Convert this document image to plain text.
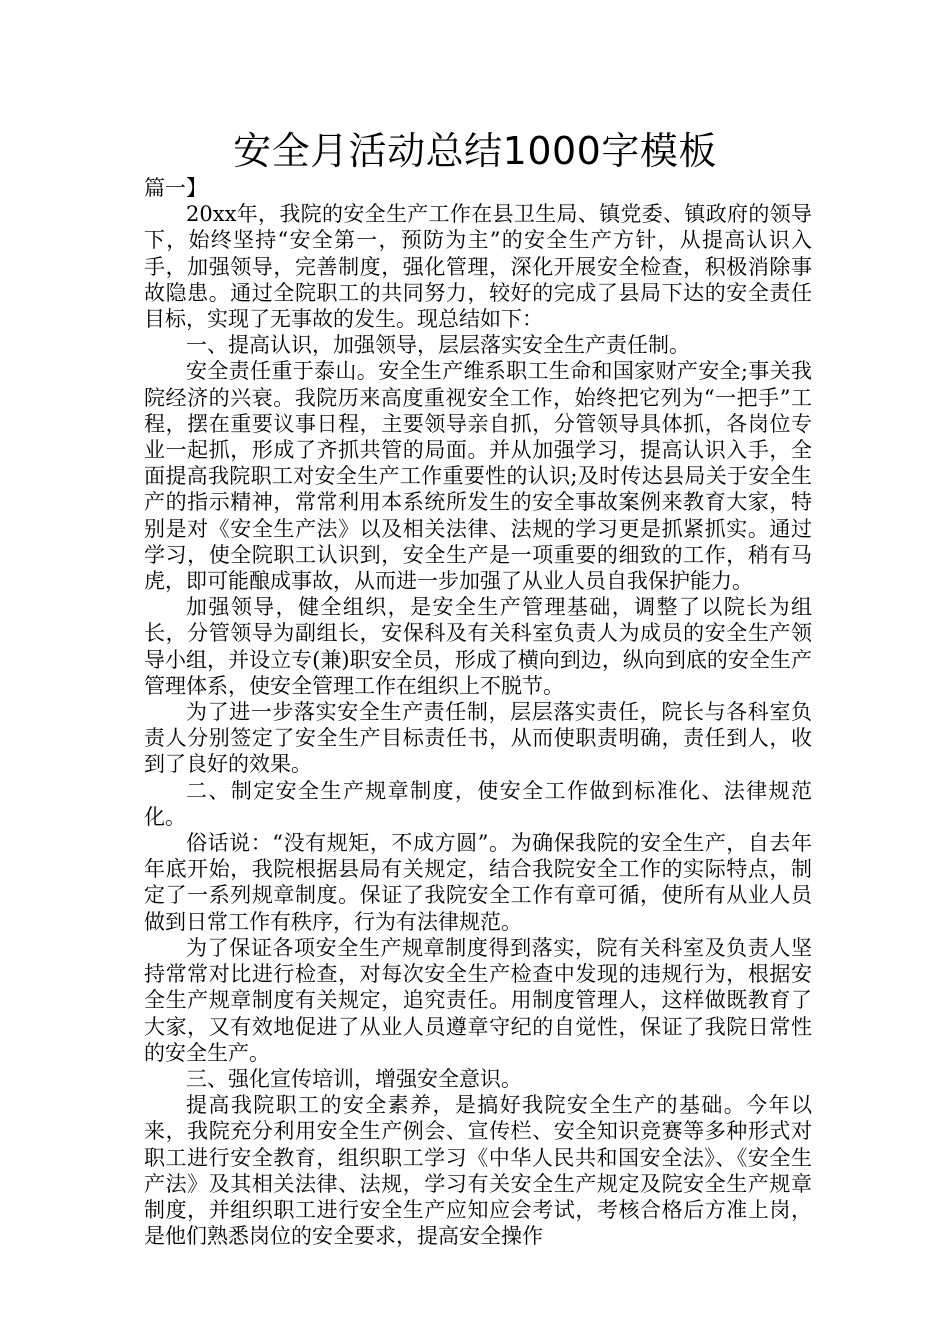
安全月活动总结1000字模板

篇一】

20xx年，我院的安全生产工作在县卫生局、镇党委、镇政府的领导下，始终坚持“安全第一，预防为主”的安全生产方针，从提高认识入手，加强领导，完善制度，强化管理，深化开展安全检查，积极消除事故隐患。通过全院职工的共同努力，较好的完成了县局下达的安全责任目标，实现了无事故的发生。现总结如下：

一、提高认识，加强领导，层层落实安全生产责任制。

安全责任重于泰山。安全生产维系职工生命和国家财产安全;事关我院经济的兴衰。我院历来高度重视安全工作，始终把它列为“一把手”工程，摆在重要议事日程，主要领导亲自抓，分管领导具体抓，各岗位专业一起抓，形成了齐抓共管的局面。并从加强学习，提高认识入手，全面提高我院职工对安全生产工作重要性的认识;及时传达县局关于安全生产的指示精神，常常利用本系统所发生的安全事故案例来教育大家，特别是对《安全生产法》以及相关法律、法规的学习更是抓紧抓实。通过学习，使全院职工认识到，安全生产是一项重要的细致的工作，稍有马虎，即可能酿成事故，从而进一步加强了从业人员自我保护能力。

加强领导，健全组织，是安全生产管理基础，调整了以院长为组长，分管领导为副组长，安保科及有关科室负责人为成员的安全生产领导小组，并设立专(兼)职安全员，形成了横向到边，纵向到底的安全生产管理体系，使安全管理工作在组织上不脱节。

为了进一步落实安全生产责任制，层层落实责任，院长与各科室负责人分别签定了安全生产目标责任书，从而使职责明确，责任到人，收到了良好的效果。

二、制定安全生产规章制度，使安全工作做到标准化、法律规范化。

俗话说：“没有规矩，不成方圆”。为确保我院的安全生产，自去年年底开始，我院根据县局有关规定，结合我院安全工作的实际特点，制定了一系列规章制度。保证了我院安全工作有章可循，使所有从业人员做到日常工作有秩序，行为有法律规范。

为了保证各项安全生产规章制度得到落实，院有关科室及负责人坚持常常对比进行检查，对每次安全生产检查中发现的违规行为，根据安全生产规章制度有关规定，追究责任。用制度管理人，这样做既教育了大家，又有效地促进了从业人员遵章守纪的自觉性，保证了我院日常性的安全生产。

三、强化宣传培训，增强安全意识。

提高我院职工的安全素养，是搞好我院安全生产的基础。今年以来，我院充分利用安全生产例会、宣传栏、安全知识竞赛等多种形式对职工进行安全教育，组织职工学习《中华人民共和国安全法》、《安全生产法》及其相关法律、法规，学习有关安全生产规定及院安全生产规章制度，并组织职工进行安全生产应知应会考试，考核合格后方准上岗，是他们熟悉岗位的安全要求，提高安全操作
